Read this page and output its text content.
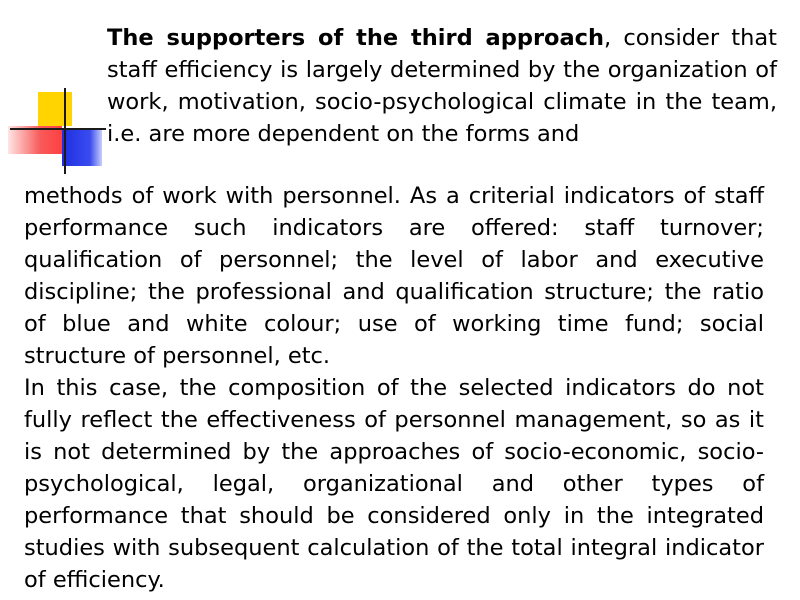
The supporters of the third approach, consider that staff efficiency is largely determined by the organization of work, motivation, socio-psychological climate in the team, i.e. are more dependent on the forms and

methods of work with personnel. As a criterial indicators of staff performance such indicators are offered: staff turnover; qualification of personnel; the level of labor and executive discipline; the professional and qualification structure; the ratio of blue and white colour; use of working time fund; social structure of personnel, etc.

In this case, the composition of the selected indicators do not fully reflect the effectiveness of personnel management, so as it is not determined by the approaches of socio-economic, socio-psychological, legal, organizational and other types of performance that should be considered only in the integrated studies with subsequent calculation of the total integral indicator of efficiency.
